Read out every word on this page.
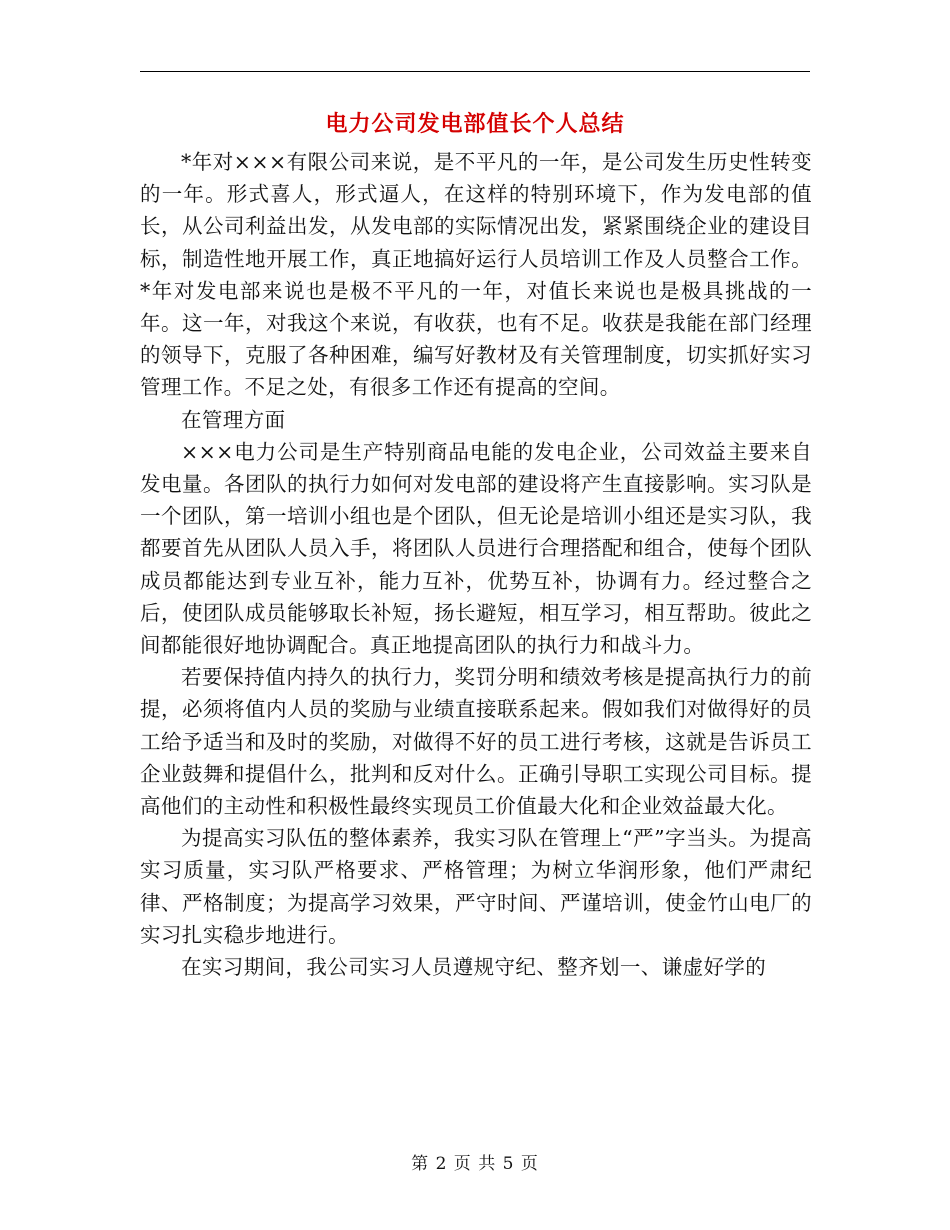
电力公司发电部值长个人总结

*年对×××有限公司来说，是不平凡的一年，是公司发生历史性转变的一年。形式喜人，形式逼人，在这样的特别环境下，作为发电部的值长，从公司利益出发，从发电部的实际情况出发，紧紧围绕企业的建设目标，制造性地开展工作，真正地搞好运行人员培训工作及人员整合工作。*年对发电部来说也是极不平凡的一年，对值长来说也是极具挑战的一年。这一年，对我这个来说，有收获，也有不足。收获是我能在部门经理的领导下，克服了各种困难，编写好教材及有关管理制度，切实抓好实习管理工作。不足之处，有很多工作还有提高的空间。

在管理方面

×××电力公司是生产特别商品电能的发电企业，公司效益主要来自发电量。各团队的执行力如何对发电部的建设将产生直接影响。实习队是一个团队，第一培训小组也是个团队，但无论是培训小组还是实习队，我都要首先从团队人员入手，将团队人员进行合理搭配和组合，使每个团队成员都能达到专业互补，能力互补，优势互补，协调有力。经过整合之后，使团队成员能够取长补短，扬长避短，相互学习，相互帮助。彼此之间都能很好地协调配合。真正地提高团队的执行力和战斗力。

若要保持值内持久的执行力，奖罚分明和绩效考核是提高执行力的前提，必须将值内人员的奖励与业绩直接联系起来。假如我们对做得好的员工给予适当和及时的奖励，对做得不好的员工进行考核，这就是告诉员工企业鼓舞和提倡什么，批判和反对什么。正确引导职工实现公司目标。提高他们的主动性和积极性最终实现员工价值最大化和企业效益最大化。

为提高实习队伍的整体素养，我实习队在管理上“严”字当头。为提高实习质量，实习队严格要求、严格管理；为树立华润形象，他们严肃纪律、严格制度；为提高学习效果，严守时间、严谨培训，使金竹山电厂的实习扎实稳步地进行。

在实习期间，我公司实习人员遵规守纪、整齐划一、谦虚好学的

第 2 页 共 5 页
